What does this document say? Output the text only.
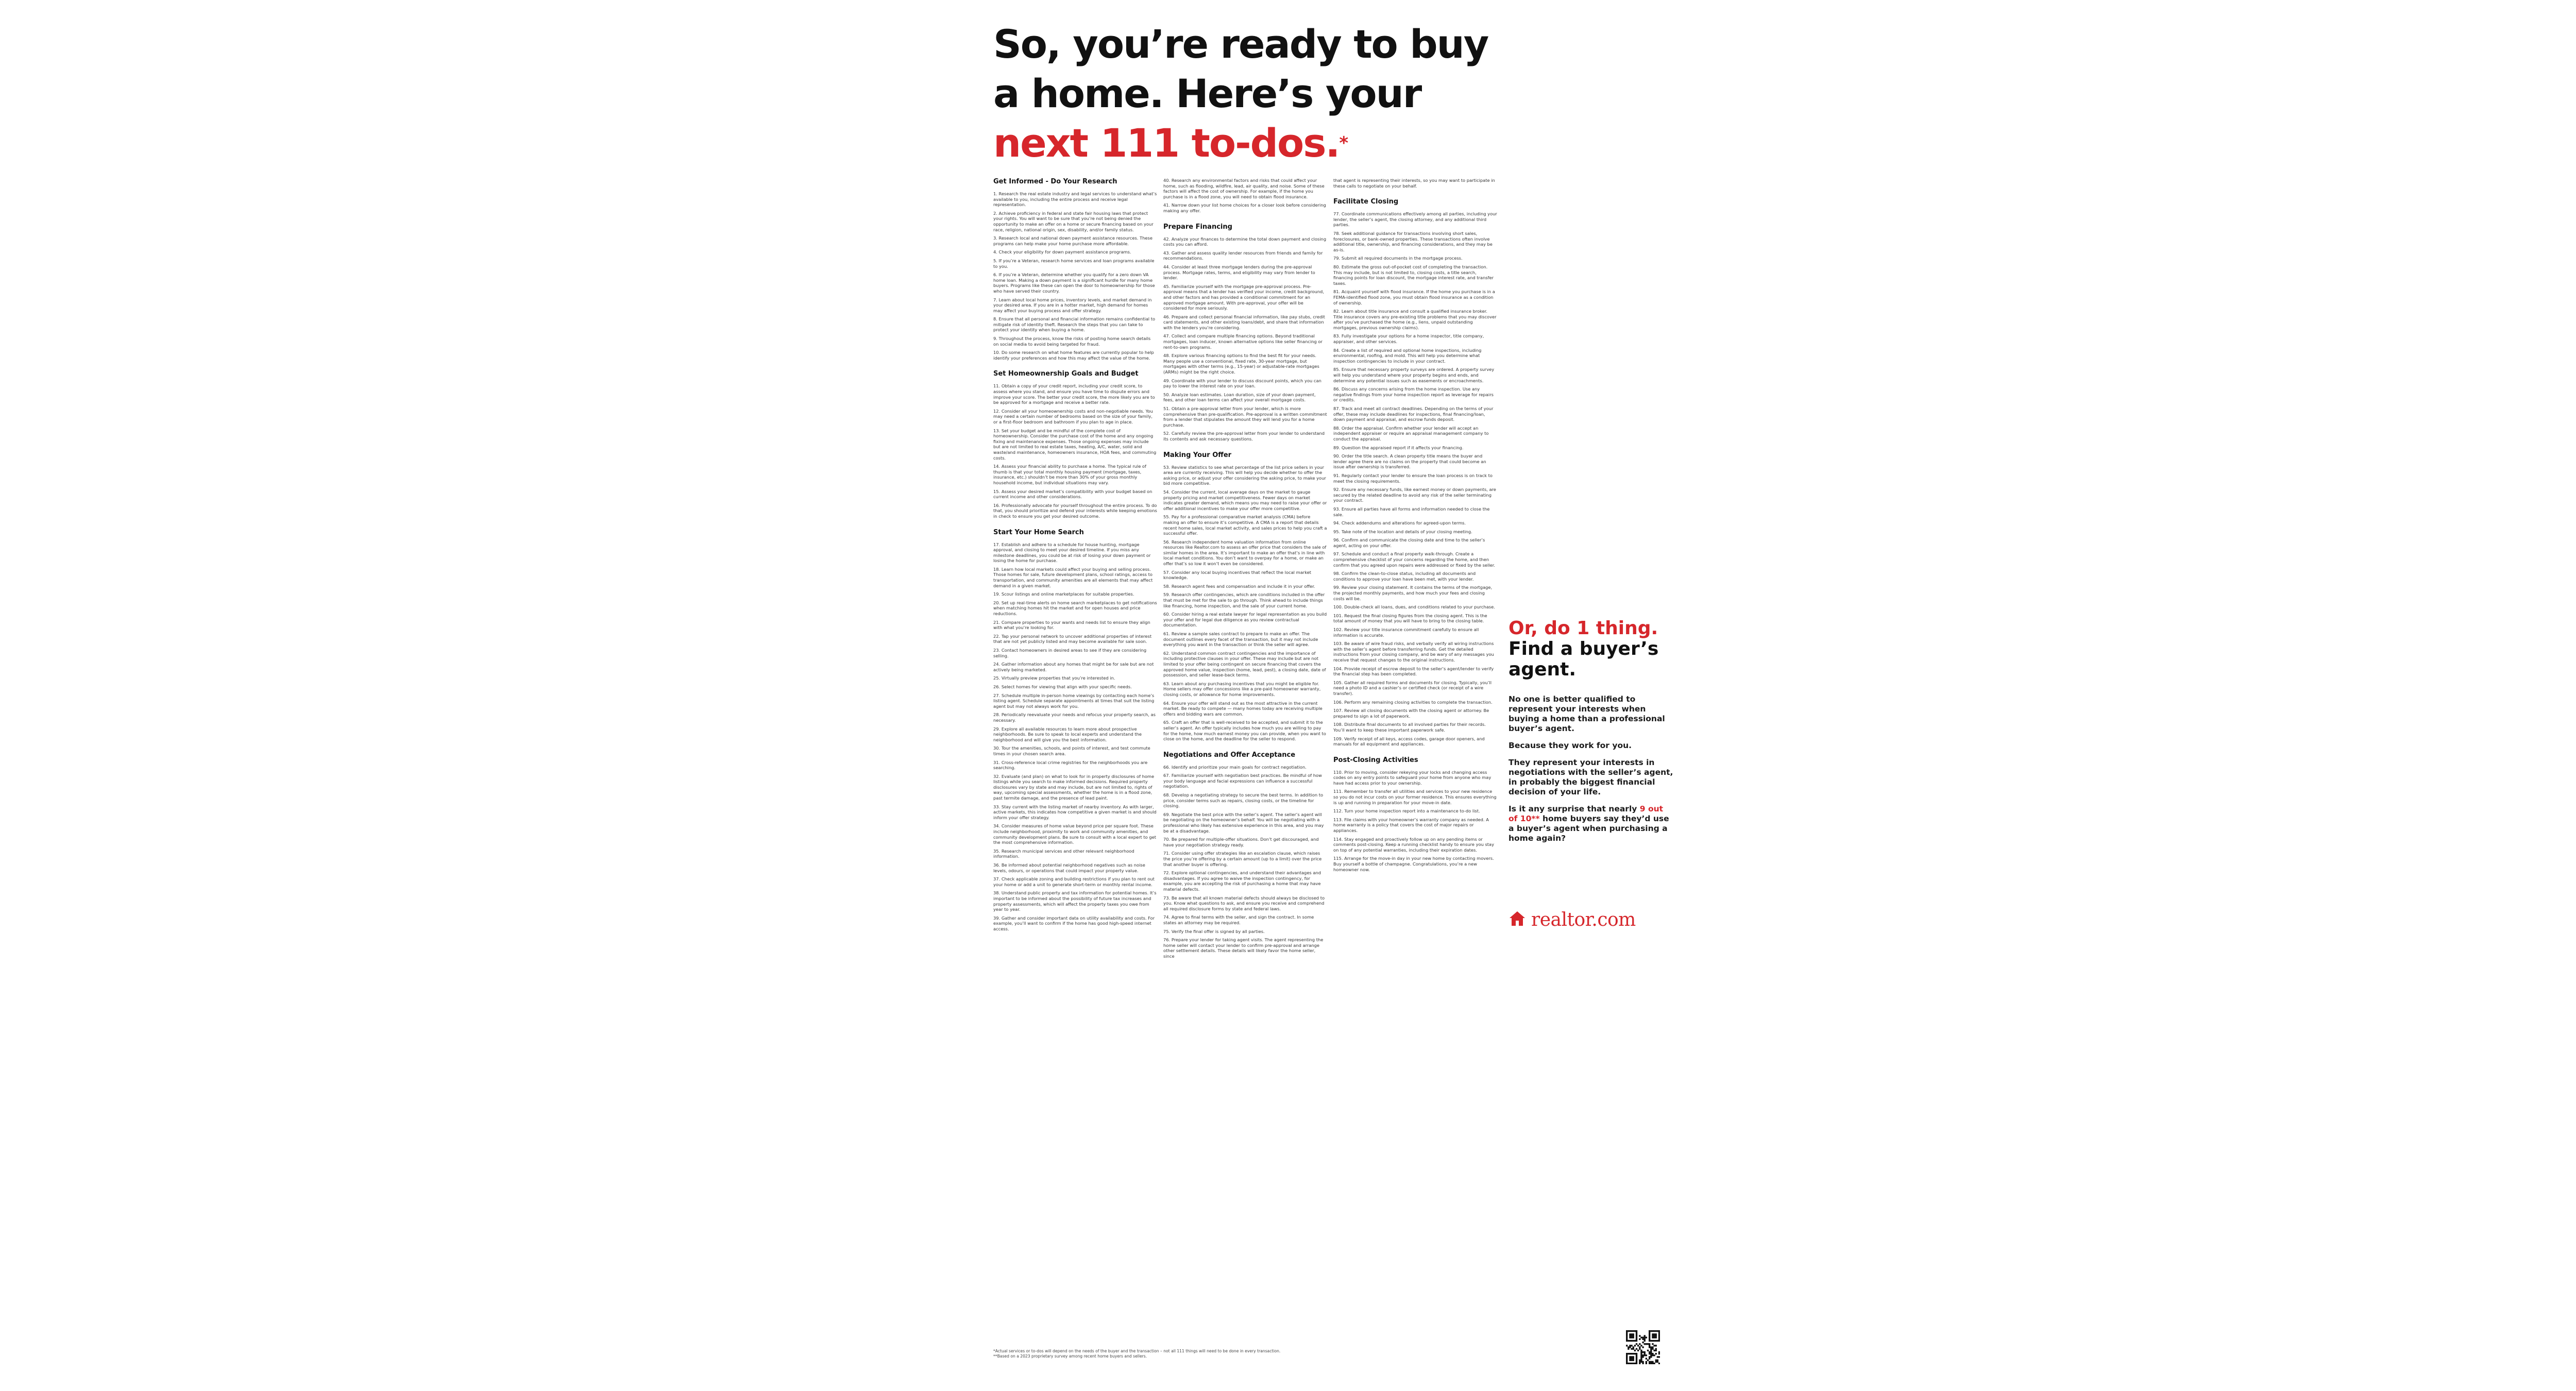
So, you’re ready to buy
a home. Here’s your
next 111 to-dos.*
Get Informed - Do Your Research

1. Research the real estate industry and legal services to understand what’s available to you, including the entire process and receive legal representation.

2. Achieve proficiency in federal and state fair housing laws that protect your rights. You will want to be sure that you’re not being denied the opportunity to make an offer on a home or secure financing based on your race, religion, national origin, sex, disability, and/or family status.

3. Research local and national down payment assistance resources. These programs can help make your home purchase more affordable.

4. Check your eligibility for down payment assistance programs.

5. If you’re a Veteran, research home services and loan programs available to you.

6. If you’re a Veteran, determine whether you qualify for a zero down VA home loan. Making a down payment is a significant hurdle for many home buyers. Programs like these can open the door to homeownership for those who have served their country.

7. Learn about local home prices, inventory levels, and market demand in your desired area. If you are in a hotter market, high demand for homes may affect your buying process and offer strategy.

8. Ensure that all personal and financial information remains confidential to mitigate risk of identity theft. Research the steps that you can take to protect your identity when buying a home.

9. Throughout the process, know the risks of posting home search details on social media to avoid being targeted for fraud.

10. Do some research on what home features are currently popular to help identify your preferences and how this may affect the value of the home.

Set Homeownership Goals and Budget

11. Obtain a copy of your credit report, including your credit score, to assess where you stand, and ensure you have time to dispute errors and improve your score. The better your credit score, the more likely you are to be approved for a mortgage and receive a better rate.

12. Consider all your homeownership costs and non-negotiable needs. You may need a certain number of bedrooms based on the size of your family, or a first-floor bedroom and bathroom if you plan to age in place.

13. Set your budget and be mindful of the complete cost of homeownership. Consider the purchase cost of the home and any ongoing fixing and maintenance expenses. Those ongoing expenses may include but are not limited to real estate taxes, heating, A/C, water, solid and waste/and maintenance, homeowners insurance, HOA fees, and commuting costs.

14. Assess your financial ability to purchase a home. The typical rule of thumb is that your total monthly housing payment (mortgage, taxes, insurance, etc.) shouldn’t be more than 30% of your gross monthly household income, but individual situations may vary.

15. Assess your desired market’s compatibility with your budget based on current income and other considerations.

16. Professionally advocate for yourself throughout the entire process. To do that, you should prioritize and defend your interests while keeping emotions in check to ensure you get your desired outcome.

Start Your Home Search

17. Establish and adhere to a schedule for house hunting, mortgage approval, and closing to meet your desired timeline. If you miss any milestone deadlines, you could be at risk of losing your down payment or losing the home for purchase.

18. Learn how local markets could affect your buying and selling process. Those homes for sale, future development plans, school ratings, access to transportation, and community amenities are all elements that may affect demand in a given market.

19. Scour listings and online marketplaces for suitable properties.

20. Set up real-time alerts on home search marketplaces to get notifications when matching homes hit the market and for open houses and price reductions.

21. Compare properties to your wants and needs list to ensure they align with what you’re looking for.

22. Tap your personal network to uncover additional properties of interest that are not yet publicly listed and may become available for sale soon.

23. Contact homeowners in desired areas to see if they are considering selling.

24. Gather information about any homes that might be for sale but are not actively being marketed.

25. Virtually preview properties that you’re interested in.

26. Select homes for viewing that align with your specific needs.

27. Schedule multiple in-person home viewings by contacting each home’s listing agent. Schedule separate appointments at times that suit the listing agent but may not always work for you.

28. Periodically reevaluate your needs and refocus your property search, as necessary.

29. Explore all available resources to learn more about prospective neighborhoods. Be sure to speak to local experts and understand the neighborhood and will give you the best information.

30. Tour the amenities, schools, and points of interest, and test commute times in your chosen search area.

31. Cross-reference local crime registries for the neighborhoods you are searching.

32. Evaluate (and plan) on what to look for in property disclosures of home listings while you search to make informed decisions. Required property disclosures vary by state and may include, but are not limited to, rights of way, upcoming special assessments, whether the home is in a flood zone, past termite damage, and the presence of lead paint.

33. Stay current with the listing market of nearby inventory. As with larger, active markets, this indicates how competitive a given market is and should inform your offer strategy.

34. Consider measures of home value beyond price per square foot. These include neighborhood, proximity to work and community amenities, and community development plans. Be sure to consult with a local expert to get the most comprehensive information.

35. Research municipal services and other relevant neighborhood information.

36. Be informed about potential neighborhood negatives such as noise levels, odours, or operations that could impact your property value.

37. Check applicable zoning and building restrictions if you plan to rent out your home or add a unit to generate short-term or monthly rental income.

38. Understand public property and tax information for potential homes. It’s important to be informed about the possibility of future tax increases and property assessments, which will affect the property taxes you owe from year to year.

39. Gather and consider important data on utility availability and costs. For example, you’ll want to confirm if the home has good high-speed internet access.

40. Research any environmental factors and risks that could affect your home, such as flooding, wildfire, lead, air quality, and noise. Some of these factors will affect the cost of ownership. For example, if the home you purchase is in a flood zone, you will need to obtain flood insurance.

41. Narrow down your list home choices for a closer look before considering making any offer.

Prepare Financing

42. Analyze your finances to determine the total down payment and closing costs you can afford.

43. Gather and assess quality lender resources from friends and family for recommendations.

44. Consider at least three mortgage lenders during the pre-approval process. Mortgage rates, terms, and eligibility may vary from lender to lender.

45. Familiarize yourself with the mortgage pre-approval process. Pre-approval means that a lender has verified your income, credit background, and other factors and has provided a conditional commitment for an approved mortgage amount. With pre-approval, your offer will be considered for more seriously.

46. Prepare and collect personal financial information, like pay stubs, credit card statements, and other existing loans/debt, and share that information with the lenders you’re considering.

47. Collect and compare multiple financing options. Beyond traditional mortgages, loan inducer, known alternative options like seller financing or rent-to-own programs.

48. Explore various financing options to find the best fit for your needs. Many people use a conventional, fixed rate, 30-year mortgage, but mortgages with other terms (e.g., 15-year) or adjustable-rate mortgages (ARMs) might be the right choice.

49. Coordinate with your lender to discuss discount points, which you can pay to lower the interest rate on your loan.

50. Analyze loan estimates. Loan duration, size of your down payment, fees, and other loan terms can affect your overall mortgage costs.

51. Obtain a pre-approval letter from your lender, which is more comprehensive than pre-qualification. Pre-approval is a written commitment from a lender that stipulates the amount they will lend you for a home purchase.

52. Carefully review the pre-approval letter from your lender to understand its contents and ask necessary questions.

Making Your Offer

53. Review statistics to see what percentage of the list price sellers in your area are currently receiving. This will help you decide whether to offer the asking price, or adjust your offer considering the asking price, to make your bid more competitive.

54. Consider the current, local average days on the market to gauge property pricing and market competitiveness. Fewer days on market indicates greater demand, which means you may need to raise your offer or offer additional incentives to make your offer more competitive.

55. Pay for a professional comparative market analysis (CMA) before making an offer to ensure it’s competitive. A CMA is a report that details recent home sales, local market activity, and sales prices to help you craft a successful offer.

56. Research independent home valuation information from online resources like Realtor.com to assess an offer price that considers the sale of similar homes in the area. It’s important to make an offer that’s in line with local market conditions. You don’t want to overpay for a home, or make an offer that’s so low it won’t even be considered.

57. Consider any local buying incentives that reflect the local market knowledge.

58. Research agent fees and compensation and include it in your offer.

59. Research offer contingencies, which are conditions included in the offer that must be met for the sale to go through. Think ahead to include things like financing, home inspection, and the sale of your current home.

60. Consider hiring a real estate lawyer for legal representation as you build your offer and for legal due diligence as you review contractual documentation.

61. Review a sample sales contract to prepare to make an offer. The document outlines every facet of the transaction, but it may not include everything you want in the transaction or think the seller will agree.

62. Understand common contract contingencies and the importance of including protective clauses in your offer. These may include but are not limited to your offer being contingent on secure financing that covers the approved home value, inspection (home, lead, pest), a closing date, date of possession, and seller lease-back terms.

63. Learn about any purchasing incentives that you might be eligible for. Home sellers may offer concessions like a pre-paid homeowner warranty, closing costs, or allowance for home improvements.

64. Ensure your offer will stand out as the most attractive in the current market. Be ready to compete — many homes today are receiving multiple offers and bidding wars are common.

65. Craft an offer that is well-received to be accepted, and submit it to the seller’s agent. An offer typically includes how much you are willing to pay for the home, how much earnest money you can provide, when you want to close on the home, and the deadline for the seller to respond.

Negotiations and Offer Acceptance

66. Identify and prioritize your main goals for contract negotiation.

67. Familiarize yourself with negotiation best practices. Be mindful of how your body language and facial expressions can influence a successful negotiation.

68. Develop a negotiating strategy to secure the best terms. In addition to price, consider terms such as repairs, closing costs, or the timeline for closing.

69. Negotiate the best price with the seller’s agent. The seller’s agent will be negotiating on the homeowner’s behalf. You will be negotiating with a professional who likely has extensive experience in this area, and you may be at a disadvantage.

70. Be prepared for multiple-offer situations. Don’t get discouraged, and have your negotiation strategy ready.

71. Consider using offer strategies like an escalation clause, which raises the price you’re offering by a certain amount (up to a limit) over the price that another buyer is offering.

72. Explore optional contingencies, and understand their advantages and disadvantages. If you agree to waive the inspection contingency, for example, you are accepting the risk of purchasing a home that may have material defects.

73. Be aware that all known material defects should always be disclosed to you. Know what questions to ask, and ensure you receive and comprehend all required disclosure forms by state and federal laws.

74. Agree to final terms with the seller, and sign the contract. In some states an attorney may be required.

75. Verify the final offer is signed by all parties.

76. Prepare your lender for taking agent visits. The agent representing the home seller will contact your lender to confirm pre-approval and arrange other settlement details. These details will likely favor the home seller, since

that agent is representing their interests, so you may want to participate in these calls to negotiate on your behalf.

Facilitate Closing

77. Coordinate communications effectively among all parties, including your lender, the seller’s agent, the closing attorney, and any additional third parties.

78. Seek additional guidance for transactions involving short sales, foreclosures, or bank-owned properties. These transactions often involve additional title, ownership, and financing considerations, and they may be as-is.

79. Submit all required documents in the mortgage process.

80. Estimate the gross out-of-pocket cost of completing the transaction. This may include, but is not limited to, closing costs, a title search, financing points for loan discount, the mortgage interest rate, and transfer taxes.

81. Acquaint yourself with flood insurance. If the home you purchase is in a FEMA-identified flood zone, you must obtain flood insurance as a condition of ownership.

82. Learn about title insurance and consult a qualified insurance broker. Title insurance covers any pre-existing title problems that you may discover after you’ve purchased the home (e.g., liens, unpaid outstanding mortgages, previous ownership claims).

83. Fully investigate your options for a home inspector, title company, appraiser, and other services.

84. Create a list of required and optional home inspections, including environmental, roofing, and mold. This will help you determine what inspection contingencies to include in your contract.

85. Ensure that necessary property surveys are ordered. A property survey will help you understand where your property begins and ends, and determine any potential issues such as easements or encroachments.

86. Discuss any concerns arising from the home inspection. Use any negative findings from your home inspection report as leverage for repairs or credits.

87. Track and meet all contract deadlines. Depending on the terms of your offer, these may include deadlines for inspections, final financing/loan, down payment and appraisal, and escrow funds deposit.

88. Order the appraisal. Confirm whether your lender will accept an independent appraiser or require an appraisal management company to conduct the appraisal.

89. Question the appraised report if it affects your financing.

90. Order the title search. A clean property title means the buyer and lender agree there are no claims on the property that could become an issue after ownership is transferred.

91. Regularly contact your lender to ensure the loan process is on track to meet the closing requirements.

92. Ensure any necessary funds, like earnest money or down payments, are secured by the related deadline to avoid any risk of the seller terminating your contract.

93. Ensure all parties have all forms and information needed to close the sale.

94. Check addendums and alterations for agreed-upon terms.

95. Take note of the location and details of your closing meeting.

96. Confirm and communicate the closing date and time to the seller’s agent, acting on your offer.

97. Schedule and conduct a final property walk-through. Create a comprehensive checklist of your concerns regarding the home, and then confirm that you agreed upon repairs were addressed or fixed by the seller.

98. Confirm the clean-to-close status, including all documents and conditions to approve your loan have been met, with your lender.

99. Review your closing statement. It contains the terms of the mortgage, the projected monthly payments, and how much your fees and closing costs will be.

100. Double-check all loans, dues, and conditions related to your purchase.

101. Request the final closing figures from the closing agent. This is the total amount of money that you will have to bring to the closing table.

102. Review your title insurance commitment carefully to ensure all information is accurate.

103. Be aware of wire fraud risks, and verbally verify all wiring instructions with the seller’s agent before transferring funds. Get the detailed instructions from your closing company, and be wary of any messages you receive that request changes to the original instructions.

104. Provide receipt of escrow deposit to the seller’s agent/lender to verify the financial step has been completed.

105. Gather all required forms and documents for closing. Typically, you’ll need a photo ID and a cashier’s or certified check (or receipt of a wire transfer).

106. Perform any remaining closing activities to complete the transaction.

107. Review all closing documents with the closing agent or attorney. Be prepared to sign a lot of paperwork.

108. Distribute final documents to all involved parties for their records. You’ll want to keep these important paperwork safe.

109. Verify receipt of all keys, access codes, garage door openers, and manuals for all equipment and appliances.

Post-Closing Activities

110. Prior to moving, consider rekeying your locks and changing access codes on any entry points to safeguard your home from anyone who may have had access prior to your ownership.

111. Remember to transfer all utilities and services to your new residence so you do not incur costs on your former residence. This ensures everything is up and running in preparation for your move-in date.

112. Turn your home inspection report into a maintenance to-do list.

113. File claims with your homeowner’s warranty company as needed. A home warranty is a policy that covers the cost of major repairs or appliances.

114. Stay engaged and proactively follow up on any pending items or comments post-closing. Keep a running checklist handy to ensure you stay on top of any potential warranties, including their expiration dates.

115. Arrange for the move-in day in your new home by contacting movers. Buy yourself a bottle of champagne. Congratulations, you’re a new homeowner now.

Or, do 1 thing.
Find a buyer’s agent.

No one is better qualified to represent your interests when buying a home than a professional buyer’s agent.

Because they work for you.

They represent your interests in negotiations with the seller’s agent, in probably the biggest financial decision of your life.

Is it any surprise that nearly 9 out of 10** home buyers say they’d use a buyer’s agent when purchasing a home again?

realtor.com
*Actual services or to-dos will depend on the needs of the buyer and the transaction – not all 111 things will need to be done in every transaction.
**Based on a 2023 proprietary survey among recent home buyers and sellers.
